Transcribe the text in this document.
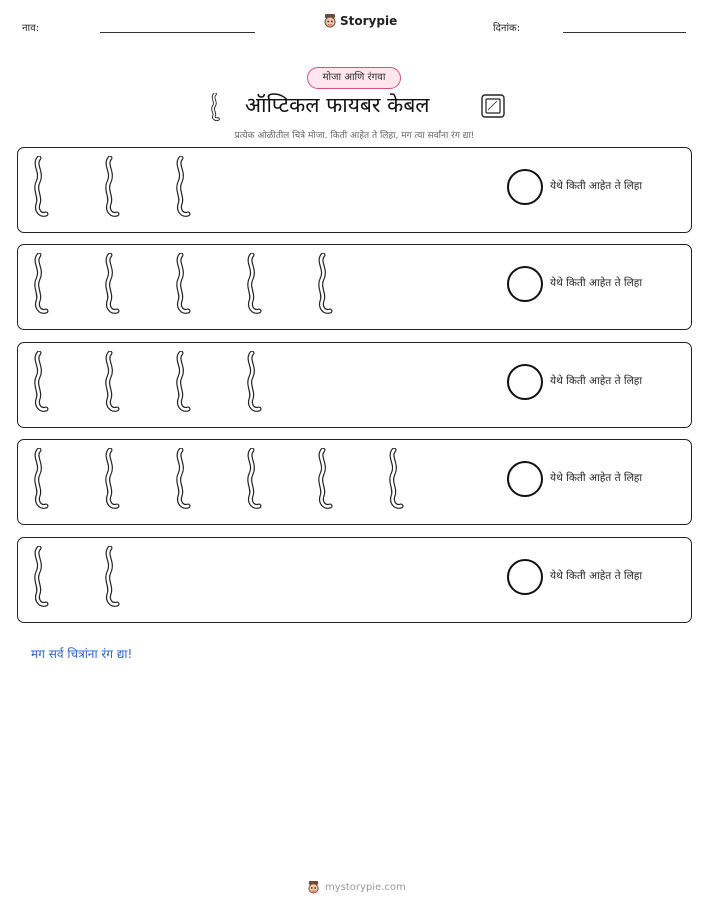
नाव:
Storypie
दिनांक:
मोजा आणि रंगवा
ऑप्टिकल फायबर केबल
प्रत्येक ओळीतील चित्रे मोजा. किती आहेत ते लिहा, मग त्या सर्वांना रंग द्या!
येथे किती आहेत ते लिहा
येथे किती आहेत ते लिहा
येथे किती आहेत ते लिहा
येथे किती आहेत ते लिहा
येथे किती आहेत ते लिहा
मग सर्व चित्रांना रंग द्या!
mystorypie.com
